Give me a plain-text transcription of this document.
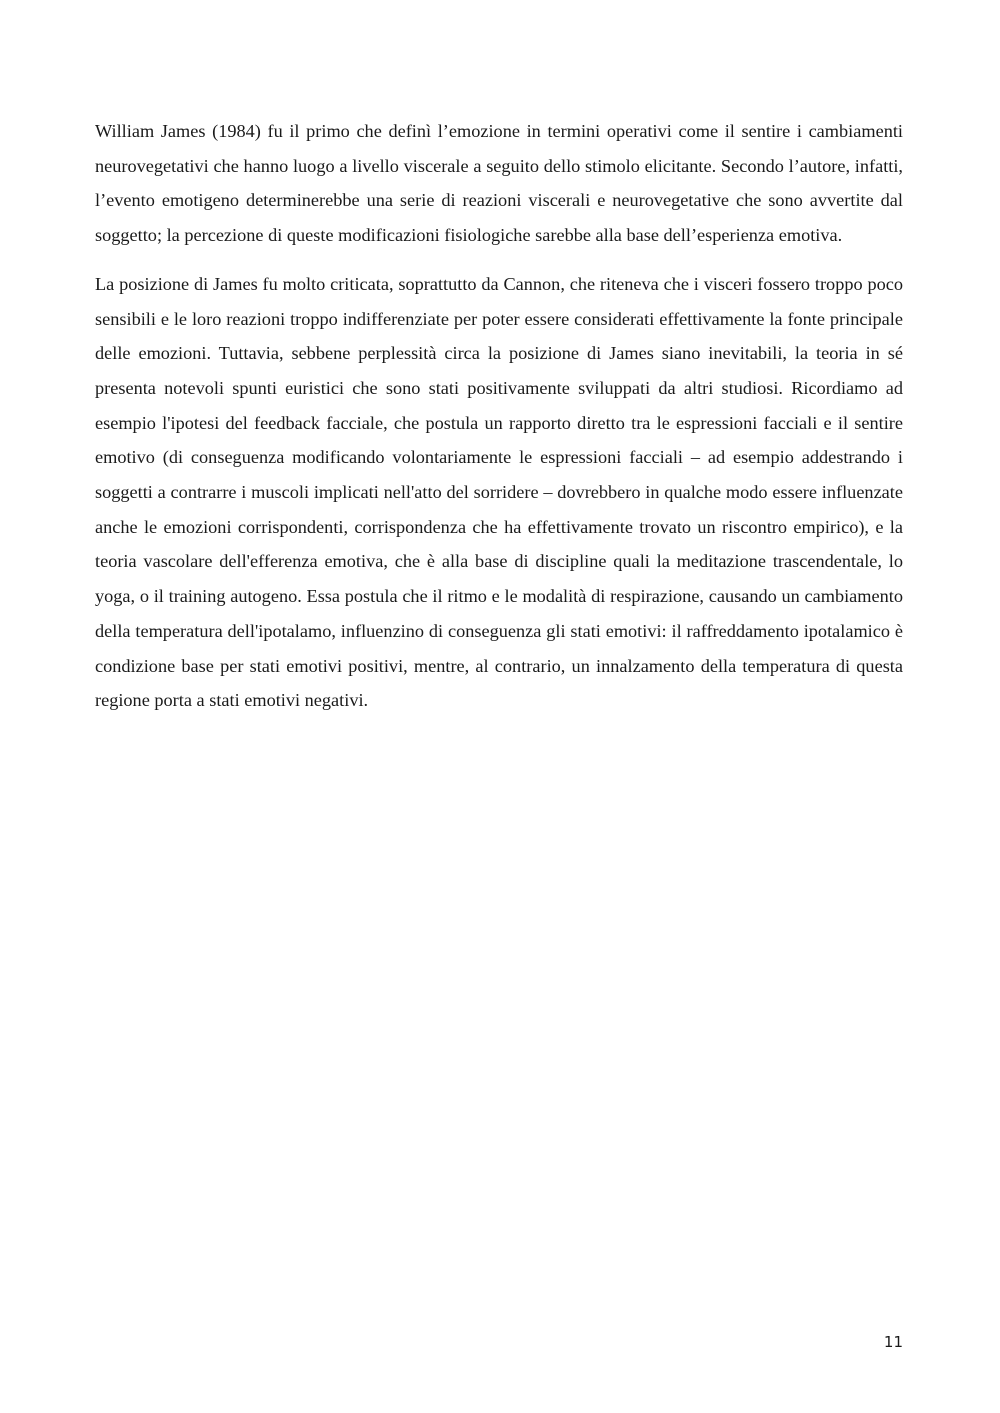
William James (1984) fu il primo che definì l’emozione in termini operativi come il sentire i cambiamenti neurovegetativi che hanno luogo a livello viscerale a seguito dello stimolo elicitante. Secondo l’autore, infatti, l’evento emotigeno determinerebbe una serie di reazioni viscerali e neurovegetative che sono avvertite dal soggetto; la percezione di queste modificazioni fisiologiche sarebbe alla base dell’esperienza emotiva.

La posizione di James fu molto criticata, soprattutto da Cannon, che riteneva che i visceri fossero troppo poco sensibili e le loro reazioni troppo indifferenziate per poter essere considerati effettivamente la fonte principale delle emozioni. Tuttavia, sebbene perplessità circa la posizione di James siano inevitabili, la teoria in sé presenta notevoli spunti euristici che sono stati positivamente sviluppati da altri studiosi. Ricordiamo ad esempio l'ipotesi del feedback facciale, che postula un rapporto diretto tra le espressioni facciali e il sentire emotivo (di conseguenza modificando volontariamente le espressioni facciali – ad esempio addestrando i soggetti a contrarre i muscoli implicati nell'atto del sorridere – dovrebbero in qualche modo essere influenzate anche le emozioni corrispondenti, corrispondenza che ha effettivamente trovato un riscontro empirico), e la teoria vascolare dell'efferenza emotiva, che è alla base di discipline quali la meditazione trascendentale, lo yoga, o il training autogeno. Essa postula che il ritmo e le modalità di respirazione, causando un cambiamento della temperatura dell'ipotalamo, influenzino di conseguenza gli stati emotivi: il raffreddamento ipotalamico è condizione base per stati emotivi positivi, mentre, al contrario, un innalzamento della temperatura di questa regione porta a stati emotivi negativi.

11
